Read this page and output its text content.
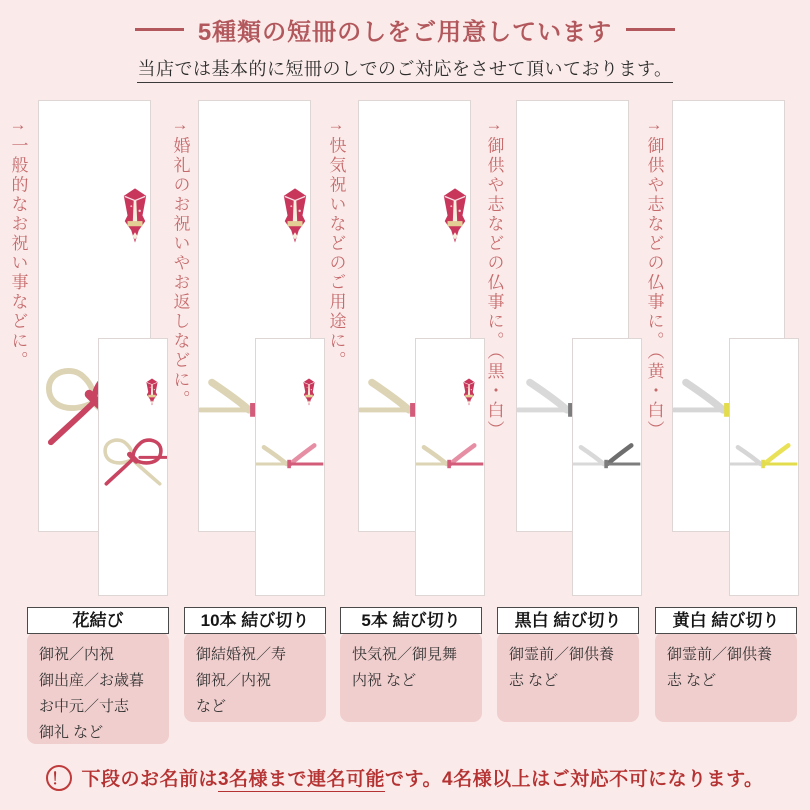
5種類の短冊のしをご用意しています
当店では基本的に短冊のしでのご対応をさせて頂いております。
→一般的なお祝い事などに。
花結び
御祝／内祝
御出産／お歳暮
お中元／寸志
御礼 など
→婚礼のお祝いやお返しなどに。
10本 結び切り
御結婚祝／寿
御祝／内祝
など
→快気祝いなどのご用途に。
5本 結び切り
快気祝／御見舞
内祝 など
→御供や志などの仏事に。（黒・白）
黒白 結び切り
御霊前／御供養
志 など
→御供や志などの仏事に。（黄・白）
黄白 結び切り
御霊前／御供養
志 など
！ 下段のお名前は3名様まで連名可能です。4名様以上はご対応不可になります。
